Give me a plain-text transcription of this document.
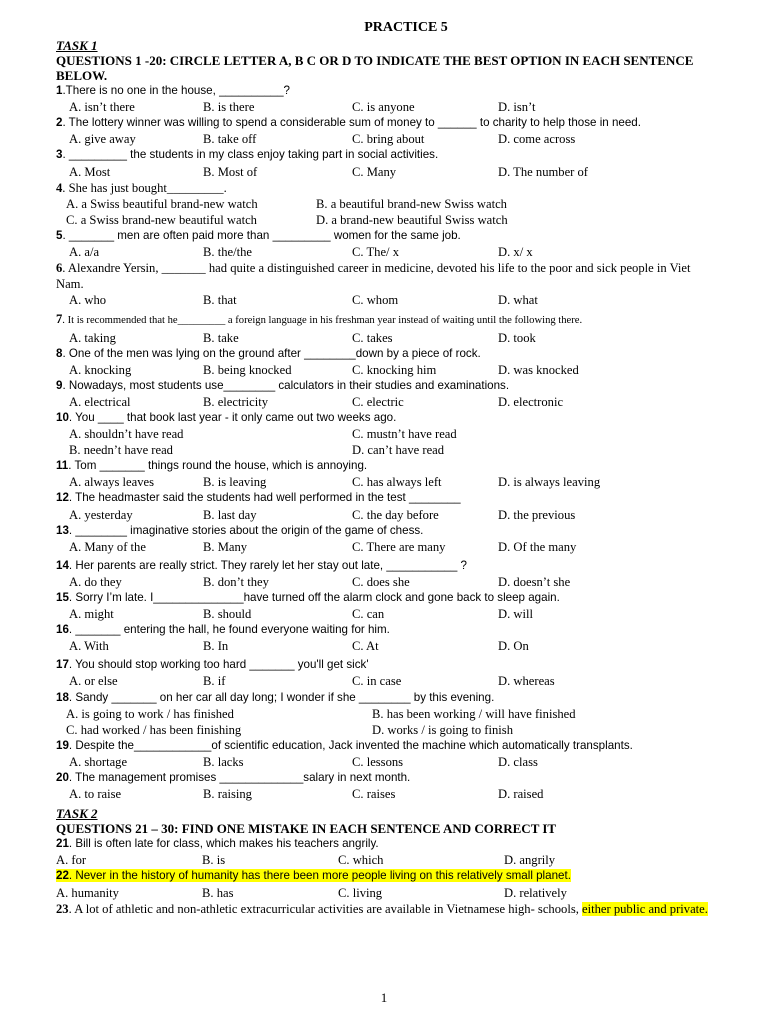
PRACTICE 5
TASK 1
QUESTIONS 1 -20: CIRCLE LETTER A, B C OR D TO INDICATE THE BEST OPTION IN EACH SENTENCE BELOW.
1.There is no one in the house, __________?
A. isn’t there	B. is there	C. is anyone	D. isn’t
2. The lottery winner was willing to spend a considerable sum of money to ______ to charity to help those in need.
A. give away	B. take off	C. bring about	D. come across
3. _________ the students in my class enjoy taking part in social activities.
A. Most	B. Most of	C. Many	D. The number of
4. She has just bought_________.
A. a Swiss beautiful brand-new watch	B. a beautiful brand-new Swiss watch
C. a Swiss brand-new beautiful watch	D. a brand-new beautiful Swiss watch
5. _______ men are often paid more than _________ women for the same job.
A. a/a	B. the/the	C. The/ x	D. x/ x
6. Alexandre Yersin, _______ had quite a distinguished career in medicine, devoted his life to the poor and sick people in Viet Nam.
A. who	B. that	C. whom	D. what
7. It is recommended that he_________ a foreign language in his freshman year instead of waiting until the following there.
A. taking	B. take	C. takes	D. took
8. One of the men was lying on the ground after ________down by a piece of rock.
A. knocking	B. being knocked	C. knocking him	D. was knocked
9. Nowadays, most students use________ calculators in their studies and examinations.
A. electrical	B. electricity	C. electric	D. electronic
10. You ____ that book last year - it only came out two weeks ago.
A. shouldn’t have read	C. mustn’t have read
B. needn’t have read	D. can’t have read
11. Tom _______ things round the house, which is annoying.
A. always leaves	B. is leaving	C. has always left	D. is always leaving
12. The headmaster said the students had well performed in the test ________
A. yesterday	B. last day	C. the day before	D. the previous
13. ________ imaginative stories about the origin of the game of chess.
A. Many of the	B. Many	C. There are many	D. Of the many
14. Her parents are really strict. They rarely let her stay out late, ___________ ?
A. do they	B. don’t they	C. does she	D. doesn’t she
15. Sorry I’m late. I______________have turned off the alarm clock and gone back to sleep again.
A. might	B. should	C. can	D. will
16. _______ entering the hall, he found everyone waiting for him.
A. With	B. In	C. At	D. On
17. You should stop working too hard _______ you'll get sick'
A. or else	B. if	C. in case	D. whereas
18. Sandy _______ on her car all day long; I wonder if she ________ by this evening.
A. is going to work / has finished	B. has been working / will have finished
C. had worked / has been finishing	D. works / is going to finish
19. Despite the____________of scientific education, Jack invented the machine which automatically transplants.
A. shortage	B. lacks	C. lessons	D. class
20. The management promises _____________salary in next month.
A. to raise	B. raising	C. raises	D. raised
TASK 2
QUESTIONS 21 – 30: FIND ONE MISTAKE IN EACH SENTENCE AND CORRECT IT
21. Bill is often late for class, which makes his teachers angrily.
A. for	B. is	C. which	D. angrily
22. Never in the history of humanity has there been more people living on this relatively small planet.
A. humanity	B. has	C. living	D. relatively
23. A lot of athletic and non-athletic extracurricular activities are available in Vietnamese high- schools, either public and private.
1
